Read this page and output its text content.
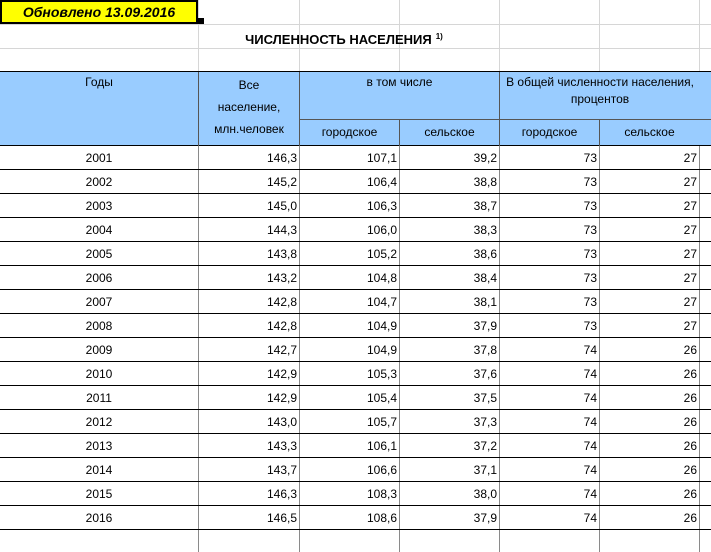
Обновлено 13.09.2016
ЧИСЛЕННОСТЬ НАСЕЛЕНИЯ $^{1)}$
Годы	Все
население,
млн.человек
в том числе	В общей численности населения, процентов
городское	сельское	городское	сельское
2001	146,3	107,1	39,2	73	27
2002	145,2	106,4	38,8	73	27
2003	145,0	106,3	38,7	73	27
2004	144,3	106,0	38,3	73	27
2005	143,8	105,2	38,6	73	27
2006	143,2	104,8	38,4	73	27
2007	142,8	104,7	38,1	73	27
2008	142,8	104,9	37,9	73	27
2009	142,7	104,9	37,8	74	26
2010	142,9	105,3	37,6	74	26
2011	142,9	105,4	37,5	74	26
2012	143,0	105,7	37,3	74	26
2013	143,3	106,1	37,2	74	26
2014	143,7	106,6	37,1	74	26
2015	146,3	108,3	38,0	74	26
2016	146,5	108,6	37,9	74	26
